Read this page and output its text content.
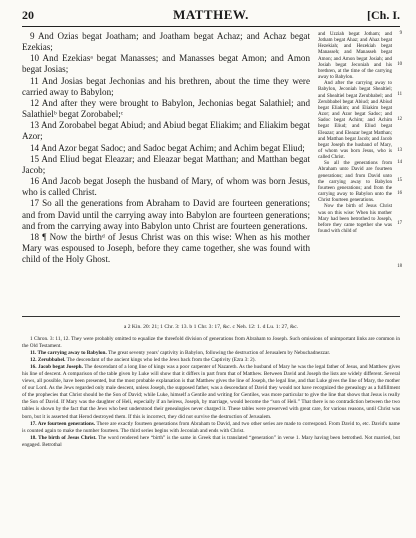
20	MATTHEW.	[Ch. I.

9 And Ozias begat Joatham; and Joatham begat Achaz; and Achaz begat Ezekias;

10 And Ezekiasᵃ begat Manasses; and Manasses begat Amon; and Amon begat Josias;

11 And Josias begat Jechonias and his brethren, about the time they were carried away to Babylon;

12 And after they were brought to Babylon, Jechonias begat Salathiel; and Salathielᵇ begat Zorobabel;ᶜ

13 And Zorobabel begat Abiud; and Abiud begat Eliakim; and Eliakim begat Azor;

14 And Azor begat Sadoc; and Sadoc begat Achim; and Achim begat Eliud;

15 And Eliud begat Eleazar; and Eleazar begat Matthan; and Matthan begat Jacob;

16 And Jacob begat Joseph the husband of Mary, of whom was born Jesus, who is called Christ.

17 So all the generations from Abraham to David are fourteen generations; and from David until the carrying away into Babylon are fourteen generations; and from the carrying away into Babylon unto Christ are fourteen generations.

18 ¶ Now the birthᵈ of Jesus Christ was on this wise: When as his mother Mary was espoused to Joseph, before they came together, she was found with child of the Holy Ghost.

and Uzziah begat Jotham; and Jotham begat Ahaz; and Ahaz begat Hezekiah; and Hezekiah begat Manasseh; and Manasseh begat Amon; and Amon begat Josiah; and Josiah begat Jeconiah and his brethren, at the time of the carrying away to Babylon.

And after the carrying away to Babylon, Jeconiah begat Shealtiel; and Shealtiel begat Zerubbabel; and Zerubbabel begat Abiud; and Abiud begat Eliakim; and Eliakim begat Azor; and Azor begat Sadoc; and Sadoc begat Achim; and Achim begat Eliud; and Eliud begat Eleazar; and Eleazar begat Matthan; and Matthan begat Jacob; and Jacob begat Joseph the husband of Mary, of whom was born Jesus, who is called Christ.

So all the generations from Abraham unto David are fourteen generations; and from David unto the carrying away to Babylon fourteen generations; and from the carrying away to Babylon unto the Christ fourteen generations.

Now the birth of Jesus Christ was on this wise: When his mother Mary had been betrothed to Joseph, before they came together she was found with child of

9
10
11
12
13
14
15
16
17
18
a 2 Kin. 20: 21; 1 Chr. 3: 13. b 1 Chr. 3: 17, &c. c Neh. 12: 1. d Lu. 1: 27, &c.

1 Chron. 3: 11, 12. They were probably omitted to equalize the threefold division of generations from Abraham to Joseph. Such omissions of unimportant links are common in the Old Testament.

11. The carrying away to Babylon. The great seventy years' captivity in Babylon, following the destruction of Jerusalem by Nebuchadnezzar.

12. Zerubbabel. The descendant of the ancient kings who led the Jews back from the Captivity (Ezra 3: 2).

16. Jacob begat Joseph. The descendant of a long line of kings was a poor carpenter of Nazareth. As the husband of Mary he was the legal father of Jesus, and Matthew gives his line of descent. A comparison of the table given by Luke will show that it differs in part from that of Matthew. Between David and Joseph the lists are widely different. Several views, all possible, have been presented, but the most probable explanation is that Matthew gives the line of Joseph, the legal line, and that Luke gives the line of Mary, the mother of our Lord. As the Jews regarded only male descent, unless Joseph, the supposed father, was a descendant of David they would not have recognized the genealogy as a fulfillment of the prophecies that Christ should be the Son of David; while Luke, himself a Gentile and writing for Gentiles, was more particular to give the line that shows that Jesus is really the Son of David. If Mary was the daughter of Heli, especially if an heiress, Joseph, by marriage, would become the “son of Heli.” That there is no contradiction between the two tables is shown by the fact that the Jews who best understood their genealogies never charged it. These tables were preserved with great care, for various reasons, until Christ was born, but it is asserted that Herod destroyed them. If this is incorrect, they did not survive the destruction of Jerusalem.

17. Are fourteen generations. There are exactly fourteen generations from Abraham to David, and two other series are made to correspond. From David to, etc. David's name is counted again to make the number fourteen. The third series begins with Jeconiah and ends with Christ.

18. The birth of Jesus Christ. The word rendered here “birth” is the same in Greek that is translated “generation” in verse 1. Mary having been betrothed. Not married, but engaged. Betrothal
